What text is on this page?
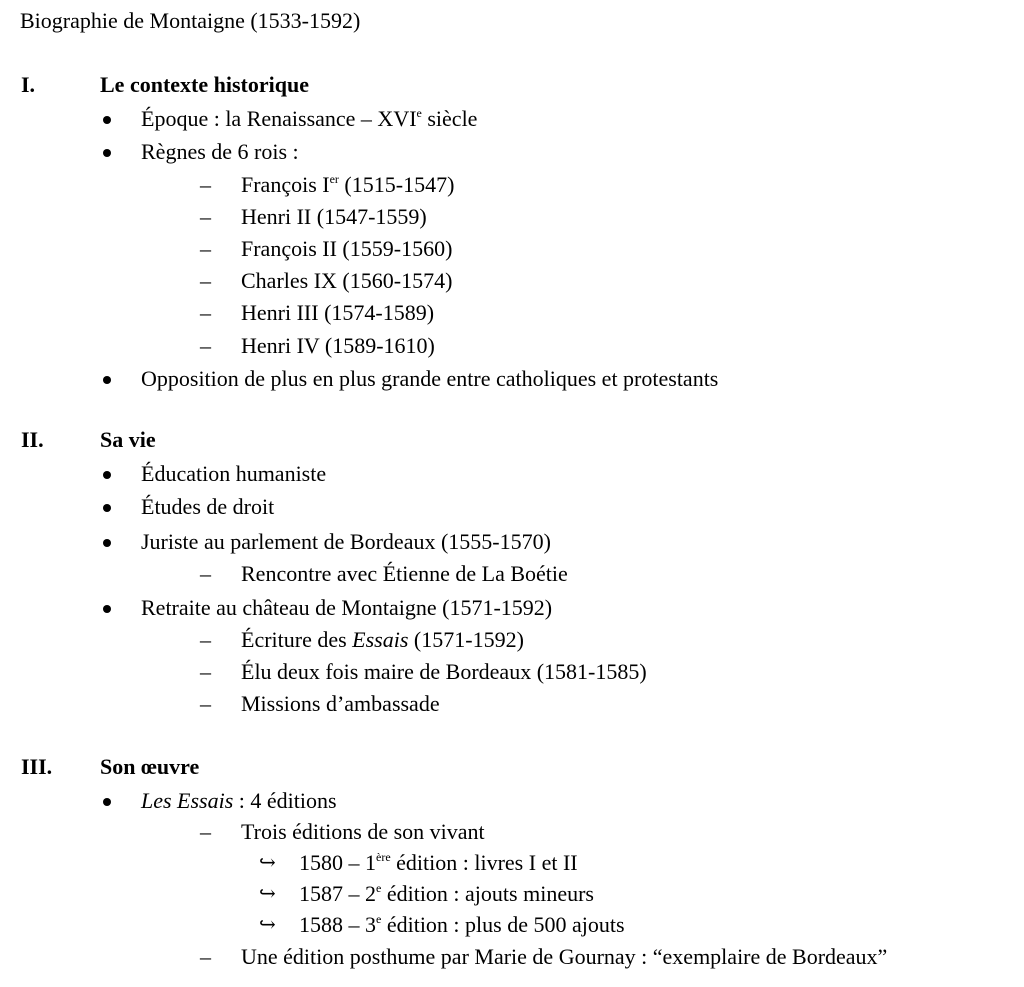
Biographie de Montaigne (1533-1592)
I.	Le contexte historique
Époque : la Renaissance – XVIe siècle
Règnes de 6 rois :
– François Ier (1515-1547)
– Henri II (1547-1559)
– François II (1559-1560)
– Charles IX (1560-1574)
– Henri III (1574-1589)
– Henri IV (1589-1610)
Opposition de plus en plus grande entre catholiques et protestants
II.	Sa vie
Éducation humaniste
Études de droit
Juriste au parlement de Bordeaux (1555-1570)
– Rencontre avec Étienne de La Boétie
Retraite au château de Montaigne (1571-1592)
– Écriture des Essais (1571-1592)
– Élu deux fois maire de Bordeaux (1581-1585)
– Missions d’ambassade
III. Son œuvre
Les Essais : 4 éditions
– Trois éditions de son vivant
↪ 1580 – 1ère édition : livres I et II
↪ 1587 – 2e édition : ajouts mineurs
↪ 1588 – 3e édition : plus de 500 ajouts
– Une édition posthume par Marie de Gournay : “exemplaire de Bordeaux”
